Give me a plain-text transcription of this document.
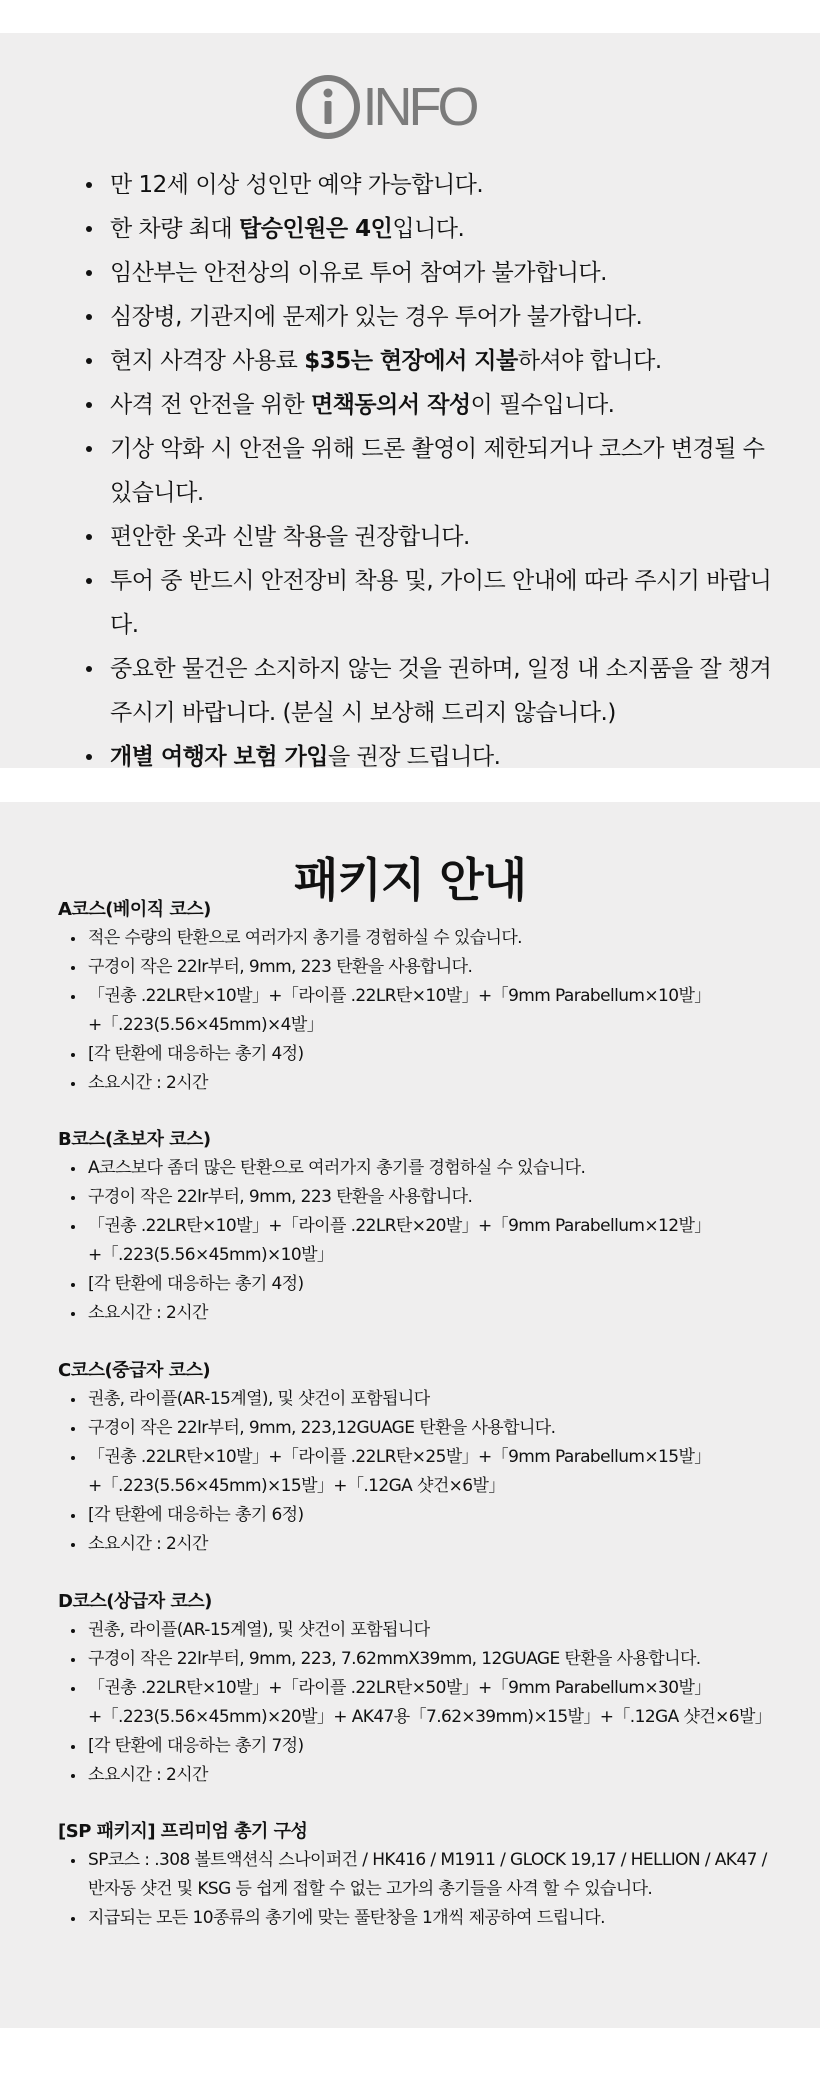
INFO
만 12세 이상 성인만 예약 가능합니다.
한 차량 최대 탑승인원은 4인입니다.
임산부는 안전상의 이유로 투어 참여가 불가합니다.
심장병, 기관지에 문제가 있는 경우 투어가 불가합니다.
현지 사격장 사용료 $35는 현장에서 지불하셔야 합니다.
사격 전 안전을 위한 면책동의서 작성이 필수입니다.
기상 악화 시 안전을 위해 드론 촬영이 제한되거나 코스가 변경될 수 있습니다.
편안한 옷과 신발 착용을 권장합니다.
투어 중 반드시 안전장비 착용 및, 가이드 안내에 따라 주시기 바랍니다.
중요한 물건은 소지하지 않는 것을 권하며, 일정 내 소지품을 잘 챙겨 주시기 바랍니다. (분실 시 보상해 드리지 않습니다.)
개별 여행자 보험 가입을 권장 드립니다.
패키지 안내
A코스(베이직 코스)
적은 수량의 탄환으로 여러가지 총기를 경험하실 수 있습니다.
구경이 작은 22lr부터, 9mm, 223 탄환을 사용합니다.
「권총 .22LR탄×10발」+「라이플 .22LR탄×10발」+「9mm Parabellum×10발」+「.223(5.56×45mm)×4발」
[각 탄환에 대응하는 총기 4정)
소요시간 : 2시간
B코스(초보자 코스)
A코스보다 좀더 많은 탄환으로 여러가지 총기를 경험하실 수 있습니다.
구경이 작은 22lr부터, 9mm, 223 탄환을 사용합니다.
「권총 .22LR탄×10발」+「라이플 .22LR탄×20발」+「9mm Parabellum×12발」+「.223(5.56×45mm)×10발」
[각 탄환에 대응하는 총기 4정)
소요시간 : 2시간
C코스(중급자 코스)
권총, 라이플(AR-15계열), 및 샷건이 포함됩니다
구경이 작은 22lr부터, 9mm, 223,12GUAGE 탄환을 사용합니다.
「권총 .22LR탄×10발」+「라이플 .22LR탄×25발」+「9mm Parabellum×15발」+「.223(5.56×45mm)×15발」+「.12GA 샷건×6발」
[각 탄환에 대응하는 총기 6정)
소요시간 : 2시간
D코스(상급자 코스)
권총, 라이플(AR-15계열), 및 샷건이 포함됩니다
구경이 작은 22lr부터, 9mm, 223, 7.62mmX39mm, 12GUAGE 탄환을 사용합니다.
「권총 .22LR탄×10발」+「라이플 .22LR탄×50발」+「9mm Parabellum×30발」+「.223(5.56×45mm)×20발」+ AK47용「7.62×39mm)×15발」+「.12GA 샷건×6발」
[각 탄환에 대응하는 총기 7정)
소요시간 : 2시간
[SP 패키지] 프리미엄 총기 구성
SP코스 : .308 볼트액션식 스나이퍼건 / HK416 / M1911 / GLOCK 19,17 / HELLION / AK47 / 반자동 샷건 및 KSG 등 쉽게 접할 수 없는 고가의 총기들을 사격 할 수 있습니다.
지급되는 모든 10종류의 총기에 맞는 풀탄창을 1개씩 제공하여 드립니다.
